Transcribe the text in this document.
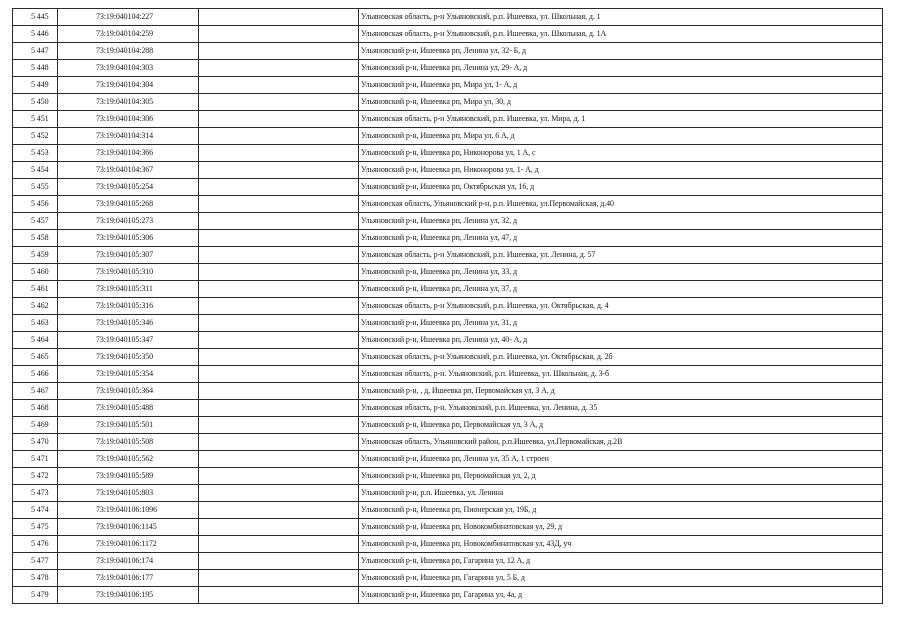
5 445	73:19:040104:227		Ульяновская область, р-н Ульяновский, р.п. Ишеевка, ул. Школьная, д. 1
5 446	73:19:040104:259		Ульяновская область, р-н Ульяновский, р.п. Ишеевка, ул. Школьная, д. 1А
5 447	73:19:040104:288		Ульяновский р-н, Ишеевка рп, Ленина ул, 32- Б, д
5 448	73:19:040104:303		Ульяновский р-н, Ишеевка рп, Ленина ул, 29- А, д
5 449	73:19:040104:304		Ульяновский р-н, Ишеевка рп, Мира ул, 1- А, д
5 450	73:19:040104:305		Ульяновский р-н, Ишеевка рп, Мира ул, 30, д
5 451	73:19:040104:306		Ульяновская область, р-н Ульяновский, р.п. Ишеевка, ул. Мира, д. 1
5 452	73:19:040104:314		Ульяновский р-н, Ишеевка рп, Мира ул, 6 А, д
5 453	73:19:040104:366		Ульяновский р-н, Ишеевка рп, Никонорова ул, 1 А, с
5 454	73:19:040104:367		Ульяновский р-н, Ишеевка рп, Никонорова ул, 1- А, д
5 455	73:19:040105:254		Ульяновский р-н, Ишеевка рп, Октябрьская ул, 16, д
5 456	73:19:040105:268		Ульяновская область, Ульяновский р-н, р.п. Ишеевка, ул.Первомайская, д.40
5 457	73:19:040105:273		Ульяновский р-н, Ишеевка рп, Ленина ул, 32, д
5 458	73:19:040105:306		Ульяновский р-н, Ишеевка рп, Ленина ул, 47, д
5 459	73:19:040105:307		Ульяновская область, р-н Ульяновский, р.п. Ишеевка, ул. Ленина, д. 57
5 460	73:19:040105:310		Ульяновский р-н, Ишеевка рп, Ленина ул, 33, д
5 461	73:19:040105:311		Ульяновский р-н, Ишеевка рп, Ленина ул, 37, д
5 462	73:19:040105:316		Ульяновская область, р-н Ульяновский, р.п. Ишеевка, ул. Октябрьская, д. 4
5 463	73:19:040105:346		Ульяновский р-н, Ишеевка рп, Ленина ул, 31, д
5 464	73:19:040105:347		Ульяновский р-н, Ишеевка рп, Ленина ул, 40- А, д
5 465	73:19:040105:350		Ульяновская область, р-н Ульяновский, р.п. Ишеевка, ул. Октябрьская, д. 2б
5 466	73:19:040105:354		Ульяновская область, р-н. Ульяновский, р.п. Ишеевка, ул. Школьная, д. 3-б
5 467	73:19:040105:364		Ульяновский р-н, , д, Ишеевка рп, Первомайская ул, 3 А, д
5 468	73:19:040105:488		Ульяновская область, р-н. Ульяновский, р.п. Ишеевка, ул. Ленина, д. 35
5 469	73:19:040105:501		Ульяновский р-н, Ишеевка рп, Первомайская ул, 3 А, д
5 470	73:19:040105:508		Ульяновская область, Ульяновский район, р.п.Ишеевка, ул.Первомайская, д.2В
5 471	73:19:040105:562		Ульяновский р-н, Ишеевка рп, Ленина ул, 35 А, 1 строен
5 472	73:19:040105:589		Ульяновский р-н, Ишеевка рп, Первомайская ул, 2, д
5 473	73:19:040105:803		Ульяновский р-н, р.п. Ишеевка, ул. Ленина
5 474	73:19:040106:1096		Ульяновский р-н, Ишеевка рп, Пионерская ул, 19Б, д
5 475	73:19:040106:1145		Ульяновский р-н, Ишеевка рп, Новокомбинатовская ул, 29, д
5 476	73:19:040106:1172		Ульяновский р-н, Ишеевка рп, Новокомбинатовская ул, 43Д, уч
5 477	73:19:040106:174		Ульяновский р-н, Ишеевка рп, Гагарина ул, 12 А, д
5 478	73:19:040106:177		Ульяновский р-н, Ишеевка рп, Гагарина ул, 5 Б, д
5 479	73:19:040106:195		Ульяновский р-н, Ишеевка рп, Гагарина ул, 4а, д
